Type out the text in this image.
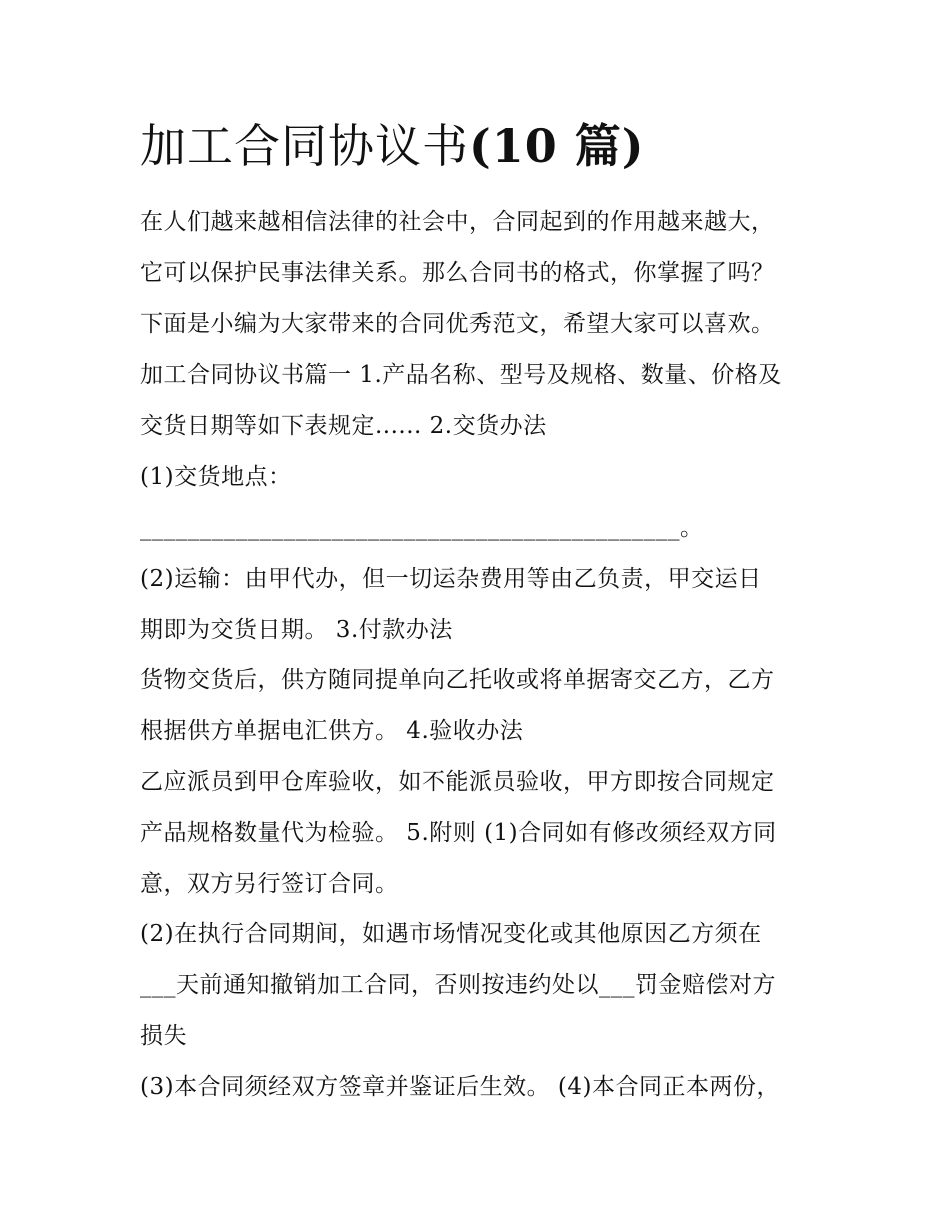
加工合同协议书(10 篇)

在人们越来越相信法律的社会中，合同起到的作用越来越大，

它可以保护民事法律关系。那么合同书的格式，你掌握了吗？

下面是小编为大家带来的合同优秀范文，希望大家可以喜欢。

加工合同协议书篇一 1.产品名称、型号及规格、数量、价格及

交货日期等如下表规定...... 2.交货办法

(1)交货地点：

_____________________________________________。

(2)运输：由甲代办，但一切运杂费用等由乙负责，甲交运日

期即为交货日期。 3.付款办法

货物交货后，供方随同提单向乙托收或将单据寄交乙方，乙方

根据供方单据电汇供方。 4.验收办法

乙应派员到甲仓库验收，如不能派员验收，甲方即按合同规定

产品规格数量代为检验。 5.附则 (1)合同如有修改须经双方同

意，双方另行签订合同。

(2)在执行合同期间，如遇市场情况变化或其他原因乙方须在

___天前通知撤销加工合同，否则按违约处以___罚金赔偿对方

损失

(3)本合同须经双方签章并鉴证后生效。 (4)本合同正本两份，
